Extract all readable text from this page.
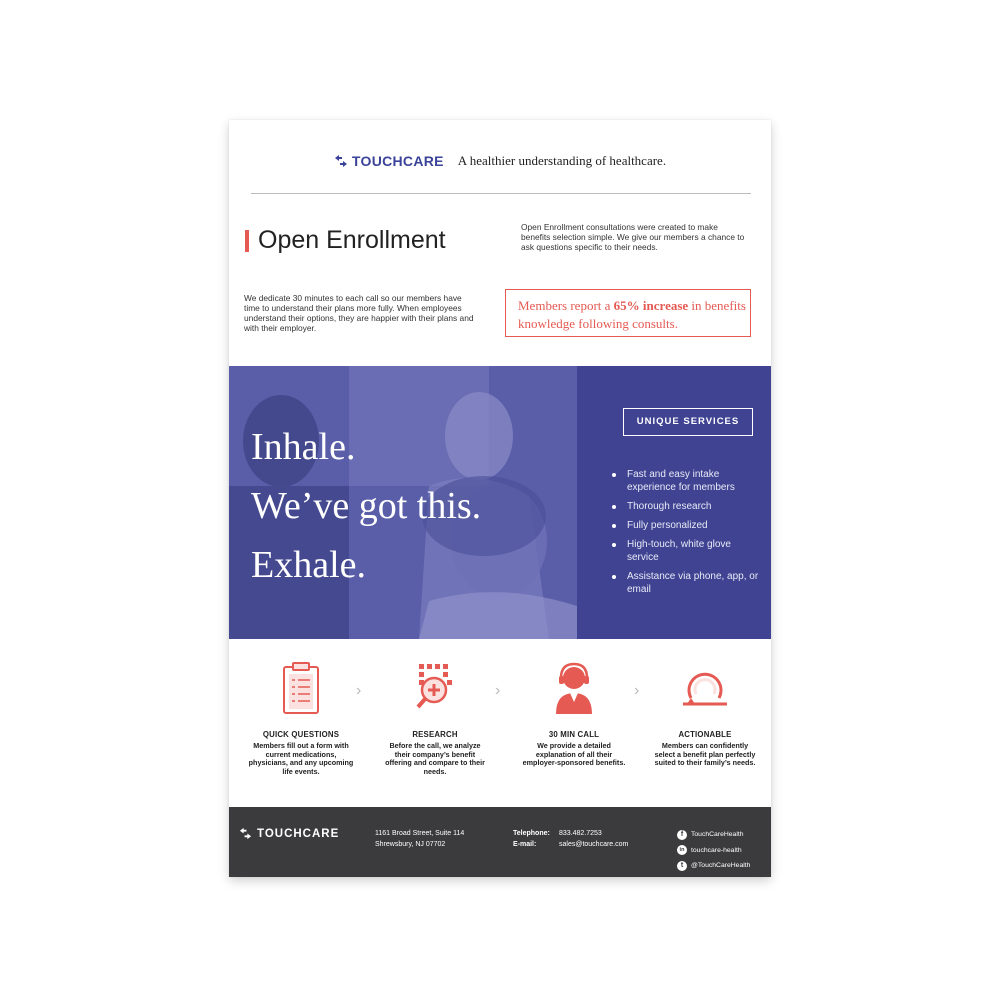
TOUCHCARE A healthier understanding of healthcare.
Open Enrollment	Open Enrollment consultations were created to make benefits selection simple. We give our members a chance to ask questions specific to their needs.
We dedicate 30 minutes to each call so our members have time to understand their plans more fully. When employees understand their options, they are happier with their plans and with their employer.
Members report a 65% increase in benefits knowledge following consults.
Inhale.
We’ve got this.
Exhale.
UNIQUE SERVICES
Fast and easy intake experience for members
Thorough research
Fully personalized
High-touch, white glove service
Assistance via phone, app, or email
QUICK QUESTIONS
Members fill out a form with current medications, physicians, and any upcoming life events.
›
RESEARCH
Before the call, we analyze their company’s benefit offering and compare to their needs.
›
30 MIN CALL
We provide a detailed explanation of all their employer-sponsored benefits.
›
ACTIONABLE
Members can confidently select a benefit plan perfectly suited to their family’s needs.
TOUCHCARE	1161 Broad Street, Suite 114
Shrewsbury, NJ 07702
Telephone: 833.482.7253
E-mail:	sales@touchcare.com
f	TouchCareHealth
in touchcare-health
t	@TouchCareHealth
